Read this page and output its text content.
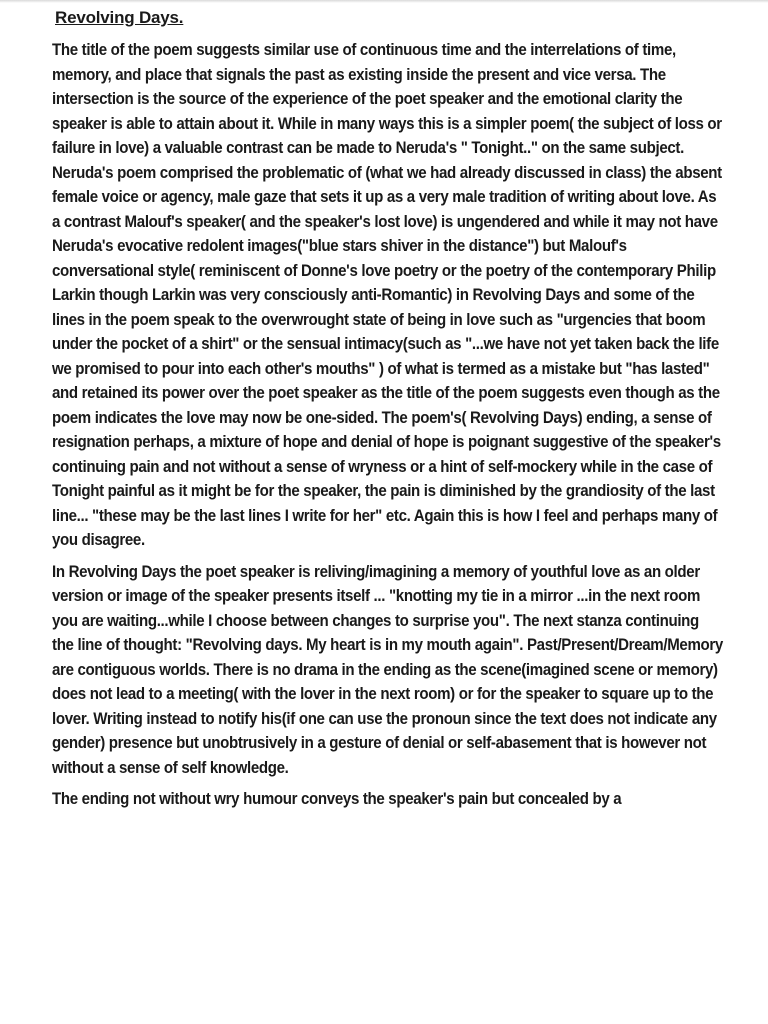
Revolving Days.

The title of the poem suggests similar use of continuous time and the interrelations of time, memory, and place that signals the past as existing inside the present and vice versa. The intersection is the source of the experience of the poet speaker and the emotional clarity the speaker is able to attain about it. While in many ways this is a simpler poem( the subject of loss or failure in love) a valuable contrast can be made to Neruda's " Tonight.." on the same subject. Neruda's poem comprised the problematic of (what we had already discussed in class) the absent female voice or agency, male gaze that sets it up as a very male tradition of writing about love. As a contrast Malouf's speaker( and the speaker's lost love) is ungendered and while it may not have Neruda's evocative redolent images("blue stars shiver in the distance") but Malouf's conversational style( reminiscent of Donne's love poetry or the poetry of the contemporary Philip Larkin though Larkin was very consciously anti-Romantic) in Revolving Days and some of the lines in the poem speak to the overwrought state of being in love such as "urgencies that boom under the pocket of a shirt" or the sensual intimacy(such as "...we have not yet taken back the life we promised to pour into each other's mouths" ) of what is termed as a mistake but "has lasted" and retained its power over the poet speaker as the title of the poem suggests even though as the poem indicates the love may now be one-sided. The poem's( Revolving Days) ending, a sense of resignation perhaps, a mixture of hope and denial of hope is poignant suggestive of the speaker's continuing pain and not without a sense of wryness or a hint of self-mockery while in the case of Tonight painful as it might be for the speaker, the pain is diminished by the grandiosity of the last line... "these may be the last lines I write for her" etc. Again this is how I feel and perhaps many of you disagree.

In Revolving Days the poet speaker is reliving/imagining a memory of youthful love as an older version or image of the speaker presents itself ... "knotting my tie in a mirror ...in the next room you are waiting...while I choose between changes to surprise you". The next stanza continuing the line of thought: "Revolving days. My heart is in my mouth again". Past/Present/Dream/Memory are contiguous worlds. There is no drama in the ending as the scene(imagined scene or memory) does not lead to a meeting( with the lover in the next room) or for the speaker to square up to the lover. Writing instead to notify his(if one can use the pronoun since the text does not indicate any gender) presence but unobtrusively in a gesture of denial or self-abasement that is however not without a sense of self knowledge.

The ending not without wry humour conveys the speaker's pain but concealed by a
